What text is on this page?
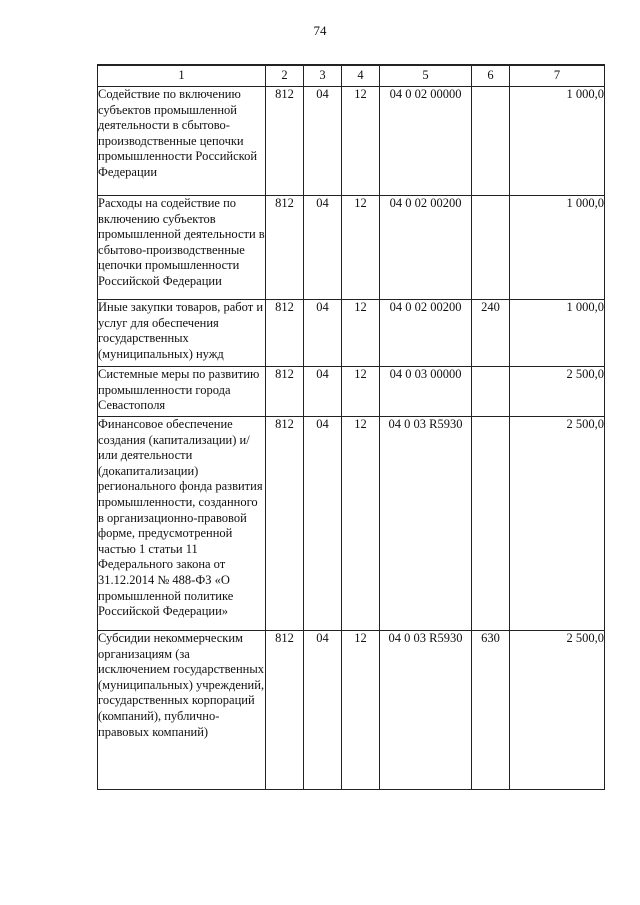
74
1	2	3	4	5	6	7
Содействие по включению субъектов промышленной деятельности в сбытово-производственные цепочки промышленности Российской Федерации	812	04	12	04 0 02 00000		1 000,0
Расходы на содействие по включению субъектов промышленной деятельности в сбытово-производственные цепочки промышленности Российской Федерации	812	04	12	04 0 02 00200		1 000,0
Иные закупки товаров, работ и услуг для обеспечения государственных (муниципальных) нужд	812	04	12	04 0 02 00200	240	1 000,0
Системные меры по развитию промышленности города Севастополя	812	04	12	04 0 03 00000		2 500,0
Финансовое обеспечение создания (капитализации) и/или деятельности (докапитализации) регионального фонда развития промышленности, созданного в организационно-правовой форме, предусмотренной частью 1 статьи 11 Федерального закона от 31.12.2014 № 488-ФЗ «О промышленной политике Российской Федерации»	812	04	12	04 0 03 R5930		2 500,0
Субсидии некоммерческим организациям (за исключением государственных (муниципальных) учреждений, государственных корпораций (компаний), публично-правовых компаний)	812	04	12	04 0 03 R5930	630	2 500,0
